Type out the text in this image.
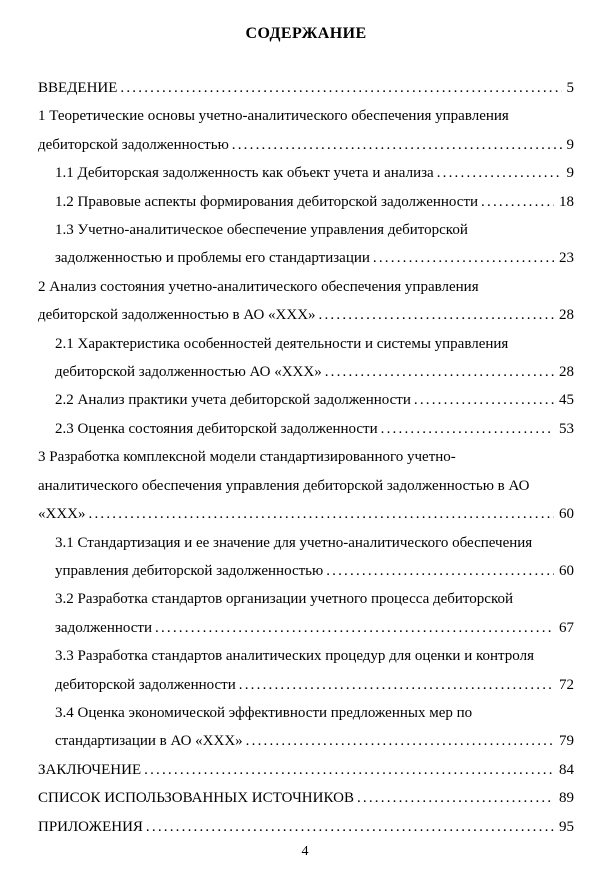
СОДЕРЖАНИЕ
ВВЕДЕНИЕ .....	5
1 Теоретические основы учетно-аналитического обеспечения управления
дебиторской задолженностью .....	9
1.1 Дебиторская задолженность как объект учета и анализа .....	9
1.2 Правовые аспекты формирования дебиторской задолженности .....	18
1.3 Учетно-аналитическое обеспечение управления дебиторской
задолженностью и проблемы его стандартизации .....	23
2 Анализ состояния учетно-аналитического обеспечения управления
дебиторской задолженностью в АО «ХХХ» .....	28
2.1 Характеристика особенностей деятельности и системы управления
дебиторской задолженностью АО «ХХХ» .....	28
2.2 Анализ практики учета дебиторской задолженности .....	45
2.3 Оценка состояния дебиторской задолженности .....	53
3 Разработка комплексной модели стандартизированного учетно-
аналитического обеспечения управления дебиторской задолженностью в АО
«ХХХ» .....	60
3.1 Стандартизация и ее значение для учетно-аналитического обеспечения
управления дебиторской задолженностью .....	60
3.2 Разработка стандартов организации учетного процесса дебиторской
задолженности .....	67
3.3 Разработка стандартов аналитических процедур для оценки и контроля
дебиторской задолженности .....	72
3.4 Оценка экономической эффективности предложенных мер по
стандартизации в АО «ХХХ» .....	79
ЗАКЛЮЧЕНИЕ .....	84
СПИСОК ИСПОЛЬЗОВАННЫХ ИСТОЧНИКОВ .....	89
ПРИЛОЖЕНИЯ .....	95
4
